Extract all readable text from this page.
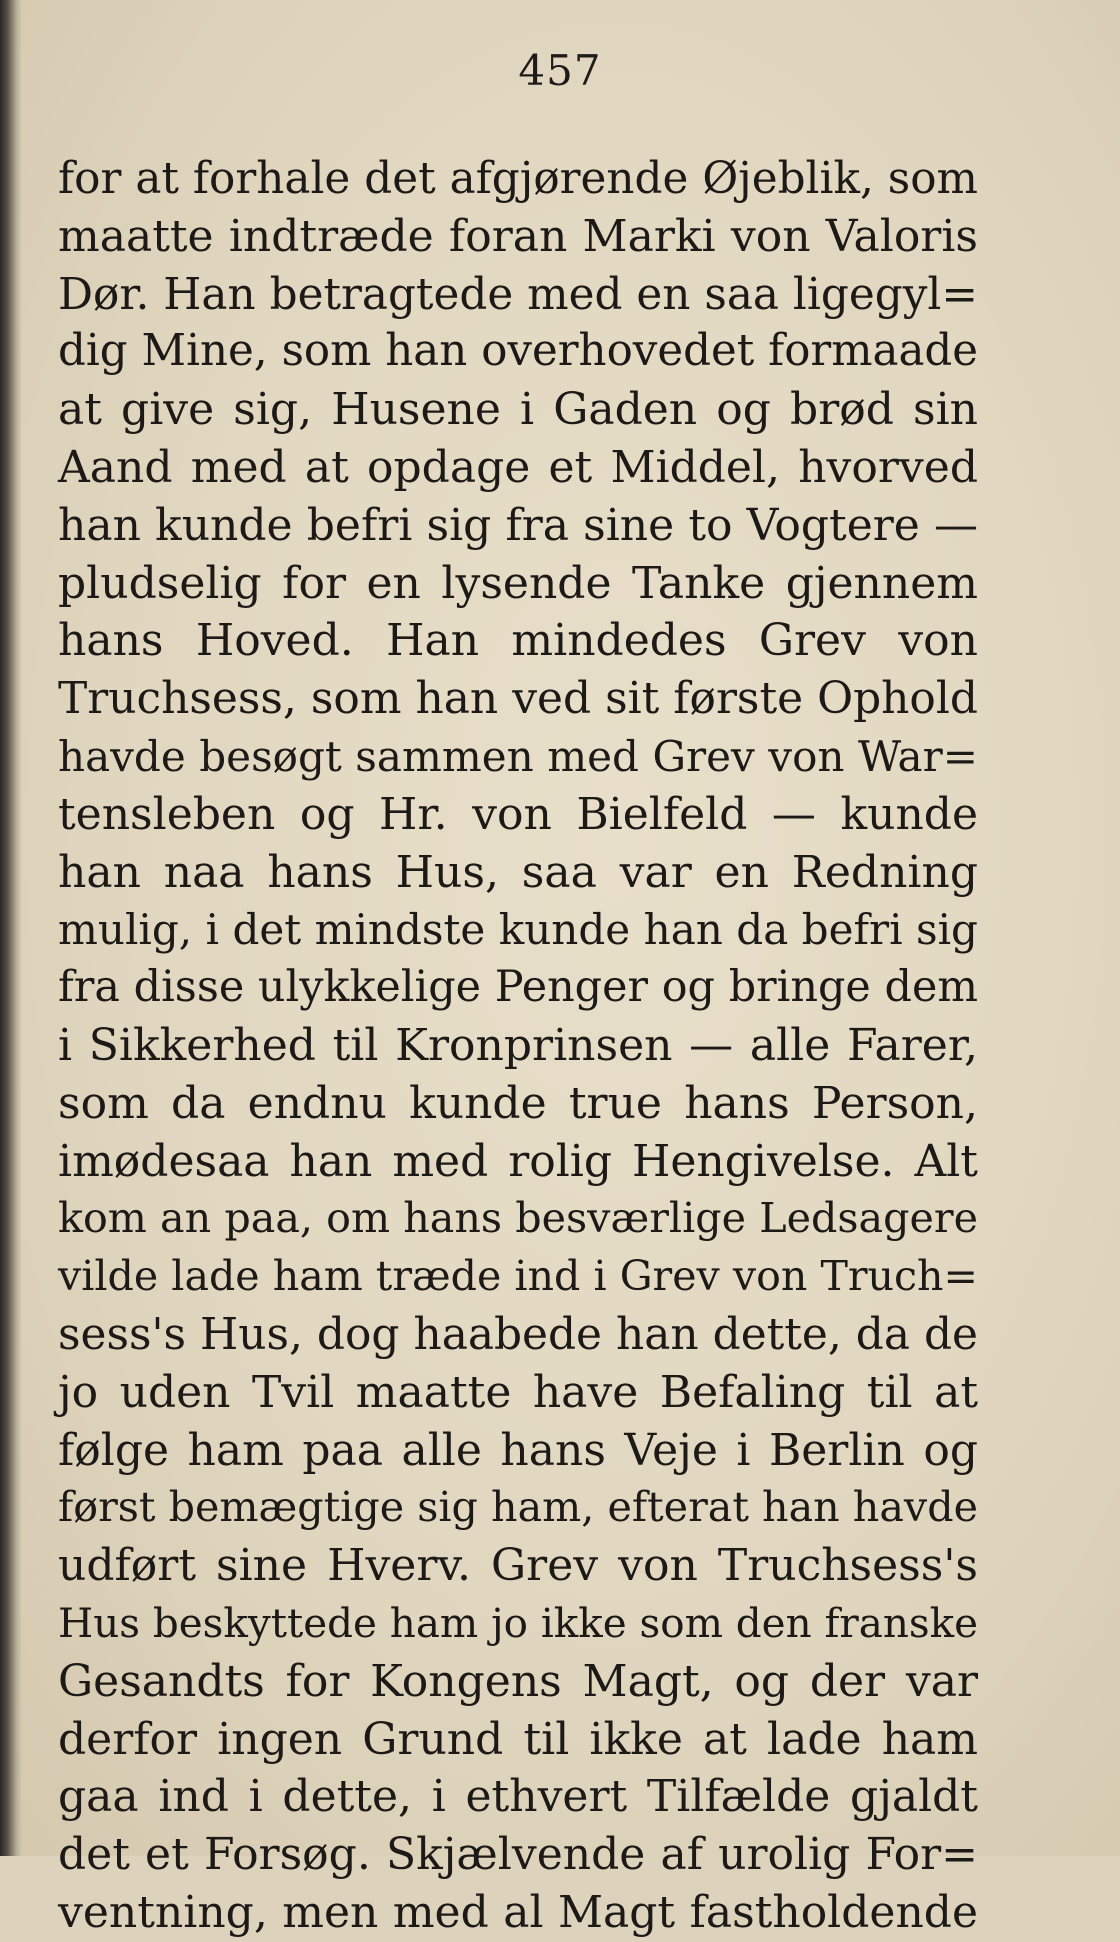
457
for at forhale det afgjørende Øjeblik, som
maatte indtræde foran Marki von Valoris
Dør. Han betragtede med en saa ligegyl=
dig Mine, som han overhovedet formaade
at give sig, Husene i Gaden og brød sin
Aand med at opdage et Middel, hvorved
han kunde befri sig fra sine to Vogtere —
pludselig for en lysende Tanke gjennem
hans Hoved. Han mindedes Grev von
Truchsess, som han ved sit første Ophold
havde besøgt sammen med Grev von War=
tensleben og Hr. von Bielfeld — kunde
han naa hans Hus, saa var en Redning
mulig, i det mindste kunde han da befri sig
fra disse ulykkelige Penger og bringe dem
i Sikkerhed til Kronprinsen — alle Farer,
som da endnu kunde true hans Person,
imødesaa han med rolig Hengivelse. Alt
kom an paa, om hans besværlige Ledsagere
vilde lade ham træde ind i Grev von Truch=
sess's Hus, dog haabede han dette, da de
jo uden Tvil maatte have Befaling til at
følge ham paa alle hans Veje i Berlin og
først bemægtige sig ham, efterat han havde
udført sine Hverv. Grev von Truchsess's
Hus beskyttede ham jo ikke som den franske
Gesandts for Kongens Magt, og der var
derfor ingen Grund til ikke at lade ham
gaa ind i dette, i ethvert Tilfælde gjaldt
det et Forsøg. Skjælvende af urolig For=
ventning, men med al Magt fastholdende
